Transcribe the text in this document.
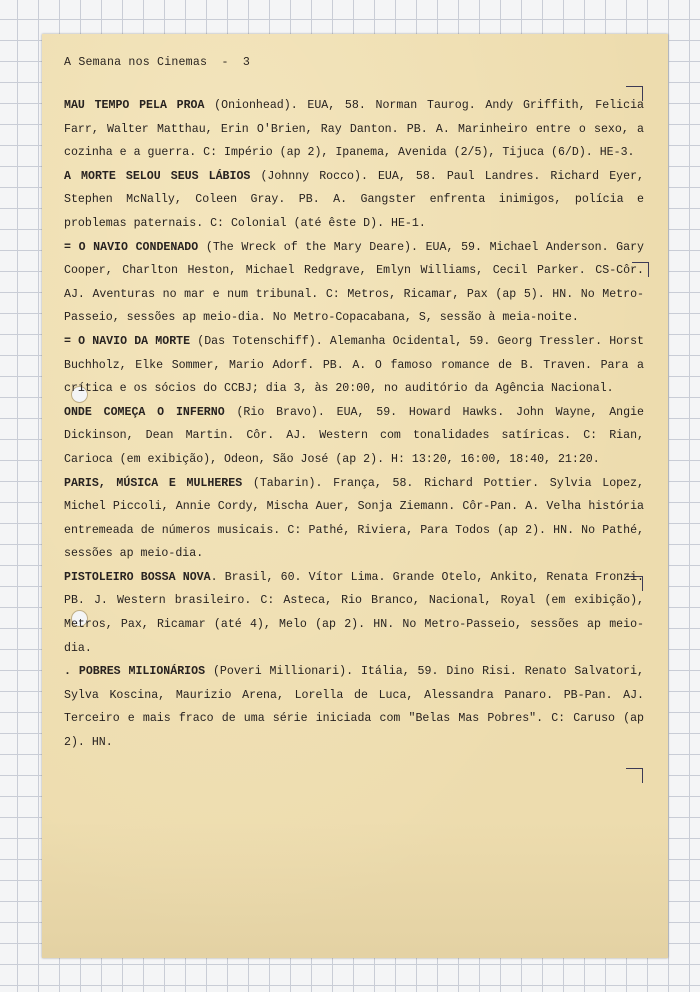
A Semana nos Cinemas  -  3

MAU TEMPO PELA PROA (Onionhead). EUA, 58. Norman Taurog. Andy Griffith, Felicia Farr, Walter Matthau, Erin O'Brien, Ray Danton. PB. A. Marinheiro entre o sexo, a cozinha e a guerra. C: Império (ap 2), Ipanema, Avenida (2/5), Tijuca (6/D). HE-3.

A MORTE SELOU SEUS LÁBIOS (Johnny Rocco). EUA, 58. Paul Landres. Richard Eyer, Stephen McNally, Coleen Gray. PB. A. Gangster enfrenta inimigos, polícia e problemas paternais. C: Colonial (até êste D). HE-1.

= O NAVIO CONDENADO (The Wreck of the Mary Deare). EUA, 59. Michael Anderson. Gary Cooper, Charlton Heston, Michael Redgrave, Emlyn Williams, Cecil Parker. CS-Côr. AJ. Aventuras no mar e num tribunal. C: Metros, Ricamar, Pax (ap 5). HN. No Metro-Passeio, sessões ap meio-dia. No Metro-Copacabana, S, sessão à meia-noite.

= O NAVIO DA MORTE (Das Totenschiff). Alemanha Ocidental, 59. Georg Tressler. Horst Buchholz, Elke Sommer, Mario Adorf. PB. A. O famoso romance de B. Traven. Para a crítica e os sócios do CCBJ; dia 3, às 20:00, no auditório da Agência Nacional.

ONDE COMEÇA O INFERNO (Rio Bravo). EUA, 59. Howard Hawks. John Wayne, Angie Dickinson, Dean Martin. Côr. AJ. Western com tonalidades satíricas. C: Rian, Carioca (em exibição), Odeon, São José (ap 2). H: 13:20, 16:00, 18:40, 21:20.

PARIS, MÚSICA E MULHERES (Tabarin). França, 58. Richard Pottier. Sylvia Lopez, Michel Piccoli, Annie Cordy, Mischa Auer, Sonja Ziemann. Côr-Pan. A. Velha história entremeada de números musicais. C: Pathé, Riviera, Para Todos (ap 2). HN. No Pathé, sessões ap meio-dia.

PISTOLEIRO BOSSA NOVA. Brasil, 60. Vítor Lima. Grande Otelo, Ankito, Renata Fronzi. PB. J. Western brasileiro. C: Asteca, Rio Branco, Nacional, Royal (em exibição), Metros, Pax, Ricamar (até 4), Melo (ap 2). HN. No Metro-Passeio, sessões ap meio-dia.

. POBRES MILIONÁRIOS (Poveri Millionari). Itália, 59. Dino Risi. Renato Salvatori, Sylva Koscina, Maurizio Arena, Lorella de Luca, Alessandra Panaro. PB-Pan. AJ. Terceiro e mais fraco de uma série iniciada com "Belas Mas Pobres". C: Caruso (ap 2). HN.
